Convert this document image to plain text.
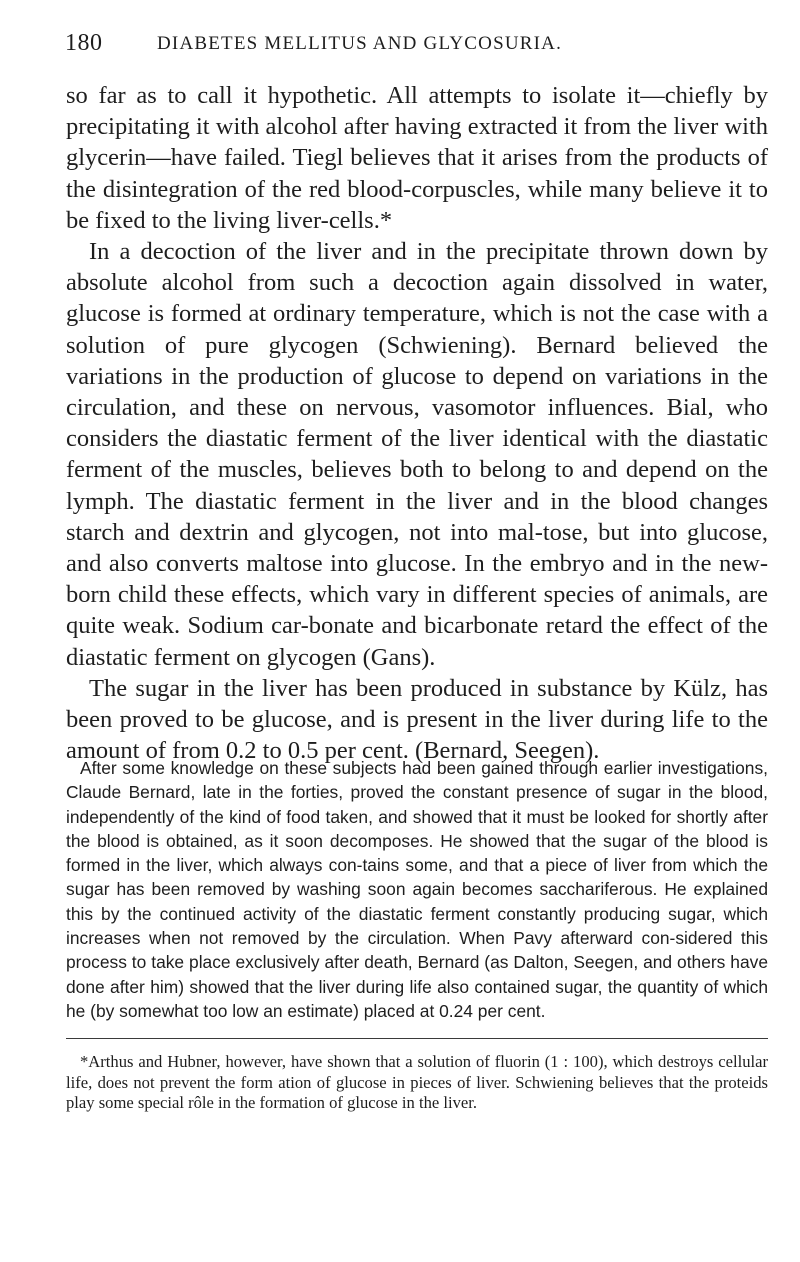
180	DIABETES MELLITUS AND GLYCOSURIA.

so far as to call it hypothetic. All attempts to isolate it—chiefly by precipitating it with alcohol after having extracted it from the liver with glycerin—have failed. Tiegl believes that it arises from the products of the disintegration of the red blood-corpuscles, while many believe it to be fixed to the living liver-cells.*

In a decoction of the liver and in the precipitate thrown down by absolute alcohol from such a decoction again dissolved in water, glucose is formed at ordinary temperature, which is not the case with a solution of pure glycogen (Schwiening). Bernard believed the variations in the production of glucose to depend on variations in the circulation, and these on nervous, vasomotor influences. Bial, who considers the diastatic ferment of the liver identical with the diastatic ferment of the muscles, believes both to belong to and depend on the lymph. The diastatic ferment in the liver and in the blood changes starch and dextrin and glycogen, not into mal-tose, but into glucose, and also converts maltose into glucose. In the embryo and in the new-born child these effects, which vary in different species of animals, are quite weak. Sodium car-bonate and bicarbonate retard the effect of the diastatic ferment on glycogen (Gans).

The sugar in the liver has been produced in substance by Külz, has been proved to be glucose, and is present in the liver during life to the amount of from 0.2 to 0.5 per cent. (Bernard, Seegen).

After some knowledge on these subjects had been gained through earlier investigations, Claude Bernard, late in the forties, proved the constant presence of sugar in the blood, independently of the kind of food taken, and showed that it must be looked for shortly after the blood is obtained, as it soon decomposes. He showed that the sugar of the blood is formed in the liver, which always con-tains some, and that a piece of liver from which the sugar has been removed by washing soon again becomes sacchariferous. He explained this by the continued activity of the diastatic ferment constantly producing sugar, which increases when not removed by the circulation. When Pavy afterward con-sidered this process to take place exclusively after death, Bernard (as Dalton, Seegen, and others have done after him) showed that the liver during life also contained sugar, the quantity of which he (by somewhat too low an estimate) placed at 0.24 per cent.

*Arthus and Hubner, however, have shown that a solution of fluorin (1 : 100), which destroys cellular life, does not prevent the form ation of glucose in pieces of liver. Schwiening believes that the proteids play some special rôle in the formation of glucose in the liver.
